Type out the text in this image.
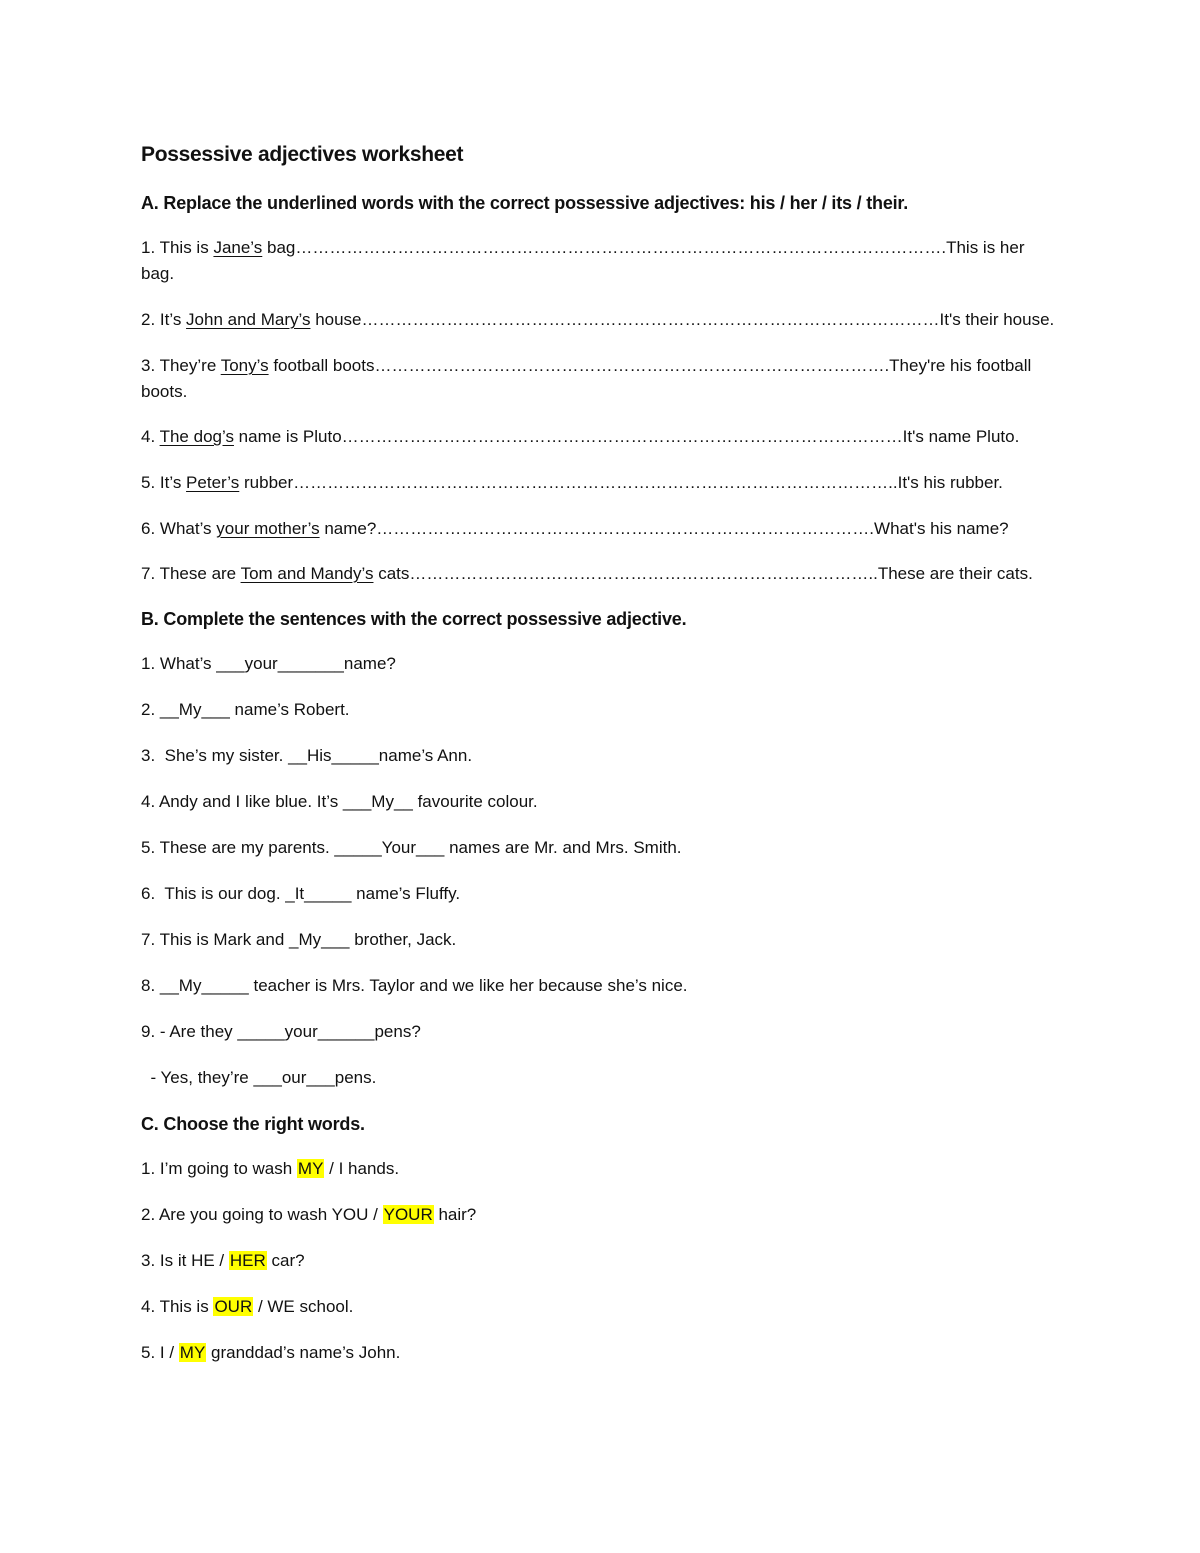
Possessive adjectives worksheet
A. Replace the underlined words with the correct possessive adjectives: his / her / its / their.
1. This is Jane’s bag…………………………………………………………………………………………………….This is her bag.
2. It’s John and Mary’s house…………………………………………………………………………………………It's their house.
3. They’re Tony’s football boots……………………………………………………………………………….They're his football boots.
4. The dog’s name is Pluto………………………………………………………………………………………It's name Pluto.
5. It’s Peter’s rubber……………………………………………………………………………………………..It's his rubber.
6. What’s your mother’s name?…………………………………………………………………………….What's his name?
7. These are Tom and Mandy’s cats………………………………………………………………………..These are their cats.
B. Complete the sentences with the correct possessive adjective.
1. What’s ___your_______name?
2. __My___ name’s Robert.
3.  She’s my sister. __His_____name’s Ann.
4. Andy and I like blue. It’s ___My__ favourite colour.
5. These are my parents. _____Your___ names are Mr. and Mrs. Smith.
6.  This is our dog. _It_____ name’s Fluffy.
7. This is Mark and _My___ brother, Jack.
8. __My_____ teacher is Mrs. Taylor and we like her because she’s nice.
9. - Are they _____your______pens?
- Yes, they’re ___our___pens.
C. Choose the right words.
1. I’m going to wash MY / I hands.
2. Are you going to wash YOU / YOUR hair?
3. Is it HE / HER car?
4. This is OUR / WE school.
5. I / MY granddad’s name’s John.
